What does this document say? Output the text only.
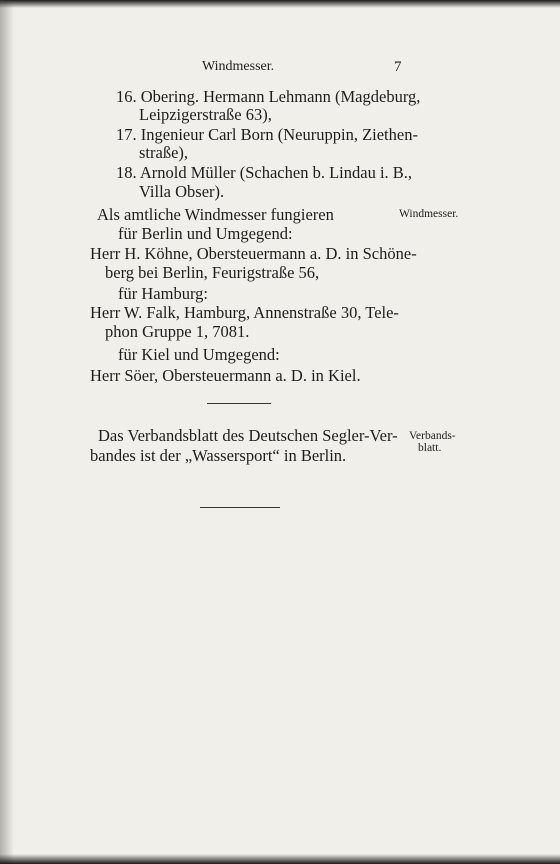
Windmesser.	7
16. Obering. Hermann Lehmann (Magdeburg,
Leipzigerstraße 63),
17. Ingenieur Carl Born (Neuruppin, Ziethen-
straße),
18. Arnold Müller (Schachen b. Lindau i. B.,
Villa Obser).
Als amtliche Windmesser fungieren	Windmesser.
für Berlin und Umgegend:
Herr H. Köhne, Obersteuermann a. D. in Schöne-
berg bei Berlin, Feurigstraße 56,
für Hamburg:
Herr W. Falk, Hamburg, Annenstraße 30, Tele-
phon Gruppe 1, 7081.
für Kiel und Umgegend:
Herr Söer, Obersteuermann a. D. in Kiel.
Das Verbandsblatt des Deutschen Segler-Ver-
bandes ist der „Wassersport“ in Berlin.
Verbands-
blatt.
